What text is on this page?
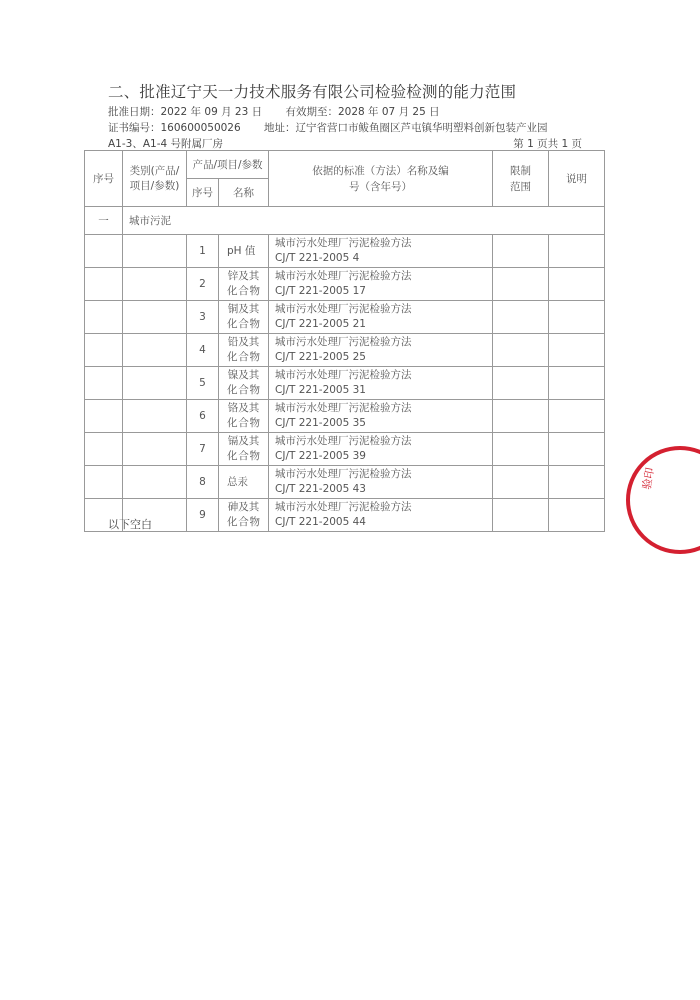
二、批准辽宁天一力技术服务有限公司检验检测的能力范围
批准日期：2022 年 09 月 23 日 有效期至：2028 年 07 月 25 日
证书编号：160600050026 地址：辽宁省营口市鲅鱼圈区芦屯镇华明塑料创新包装产业园
A1-3、A1-4 号附属厂房	第 1 页共 1 页
序号	类别(产品/项目/参数)	产品/项目/参数		依据的标准（方法）名称及编号（含年号）	限制范围	说明
		序号	名称			
一	城市污泥					
		1	pH 值	城市污水处理厂污泥检验方法
CJ/T 221-2005 4		

		2	锌及其化合物	城市污水处理厂污泥检验方法
CJ/T 221-2005 17		

		3	铜及其化合物	城市污水处理厂污泥检验方法
CJ/T 221-2005 21		

		4	铅及其化合物	城市污水处理厂污泥检验方法
CJ/T 221-2005 25		

		5	镍及其化合物	城市污水处理厂污泥检验方法
CJ/T 221-2005 31		

		6	铬及其化合物	城市污水处理厂污泥检验方法
CJ/T 221-2005 35		

		7	镉及其化合物	城市污水处理厂污泥检验方法
CJ/T 221-2005 39		

		8	总汞	城市污水处理厂污泥检验方法
CJ/T 221-2005 43		

		9	砷及其化合物	城市污水处理厂污泥检验方法
CJ/T 221-2005 44		

以下空白
验印
